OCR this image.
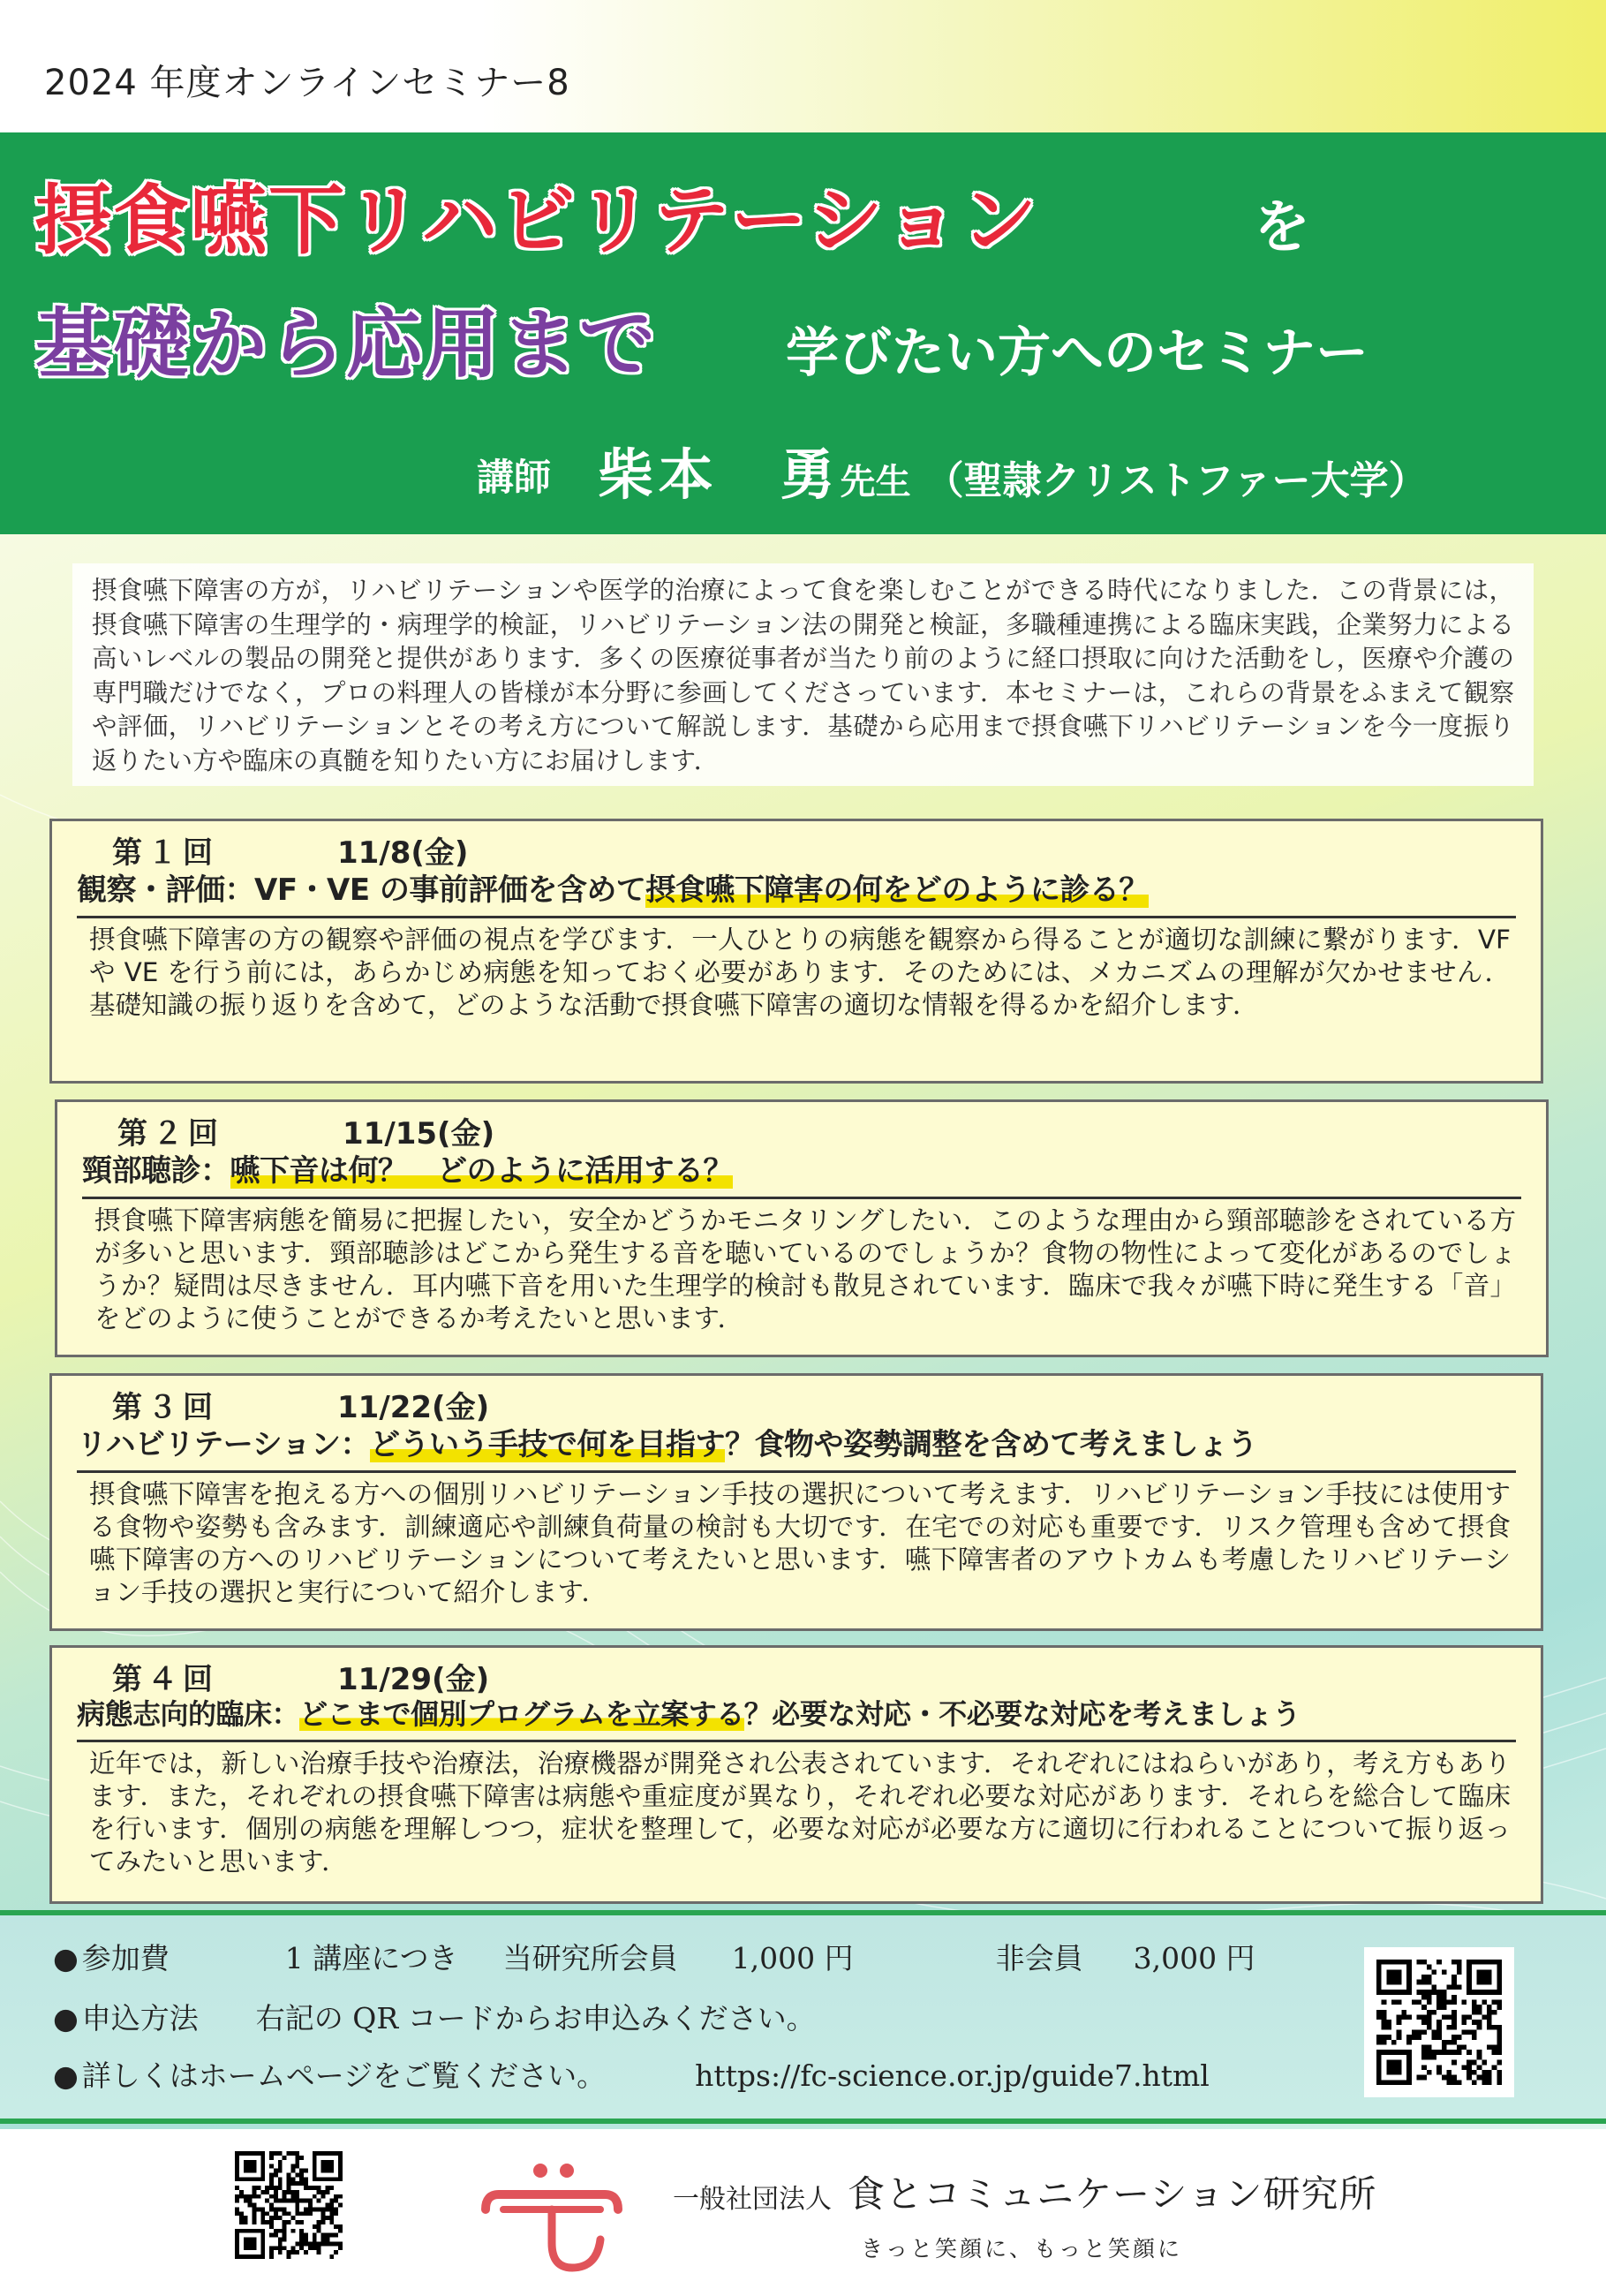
2024 年度オンラインセミナー8
摂食嚥下リハビリテーション	を
基礎から応用まで 学びたい方へのセミナー
講師 柴本 勇先生 （聖隷クリストファー大学）
摂食嚥下障害の方が，リハビリテーションや医学的治療によって食を楽しむことができる時代になりました．この背景には，摂食嚥下障害の生理学的・病理学的検証，リハビリテーション法の開発と検証，多職種連携による臨床実践，企業努力による高いレベルの製品の開発と提供があります．多くの医療従事者が当たり前のように経口摂取に向けた活動をし，医療や介護の専門職だけでなく，プロの料理人の皆様が本分野に参画してくださっています．本セミナーは，これらの背景をふまえて観察や評価，リハビリテーションとその考え方について解説します．基礎から応用まで摂食嚥下リハビリテーションを今一度振り返りたい方や臨床の真髄を知りたい方にお届けします．
第１回	11/8(金)
観察・評価：VF・VE の事前評価を含めて摂食嚥下障害の何をどのように診る？
摂食嚥下障害の方の観察や評価の視点を学びます．一人ひとりの病態を観察から得ることが適切な訓練に繋がります．VF や VE を行う前には，あらかじめ病態を知っておく必要があります．そのためには、メカニズムの理解が欠かせません．基礎知識の振り返りを含めて，どのような活動で摂食嚥下障害の適切な情報を得るかを紹介します．
第２回	11/15(金)
頸部聴診：嚥下音は何？　どのように活用する？
摂食嚥下障害病態を簡易に把握したい，安全かどうかモニタリングしたい．このような理由から頸部聴診をされている方が多いと思います．頸部聴診はどこから発生する音を聴いているのでしょうか？食物の物性によって変化があるのでしょうか？疑問は尽きません．耳内嚥下音を用いた生理学的検討も散見されています．臨床で我々が嚥下時に発生する「音」をどのように使うことができるか考えたいと思います．
第３回	11/22(金)
リハビリテーション：どういう手技で何を目指す？食物や姿勢調整を含めて考えましょう
摂食嚥下障害を抱える方への個別リハビリテーション手技の選択について考えます．リハビリテーション手技には使用する食物や姿勢も含みます．訓練適応や訓練負荷量の検討も大切です．在宅での対応も重要です．リスク管理も含めて摂食嚥下障害の方へのリハビリテーションについて考えたいと思います．嚥下障害者のアウトカムも考慮したリハビリテーション手技の選択と実行について紹介します．
第４回	11/29(金)
病態志向的臨床：どこまで個別プログラムを立案する？必要な対応・不必要な対応を考えましょう
近年では，新しい治療手技や治療法，治療機器が開発され公表されています．それぞれにはねらいがあり，考え方もあります．また，それぞれの摂食嚥下障害は病態や重症度が異なり，それぞれ必要な対応があります．それらを総合して臨床を行います．個別の病態を理解しつつ，症状を整理して，必要な対応が必要な方に適切に行われることについて振り返ってみたいと思います．
● 参加費	1 講座につき 当研究所会員 1,000 円	非会員 3,000 円
● 申込方法 右記の QR コードからお申込みください。
● 詳しくはホームページをご覧ください。	https://fc-science.or.jp/guide7.html
一般社団法人 食とコミュニケーション研究所
きっと笑顔に、もっと笑顔に
